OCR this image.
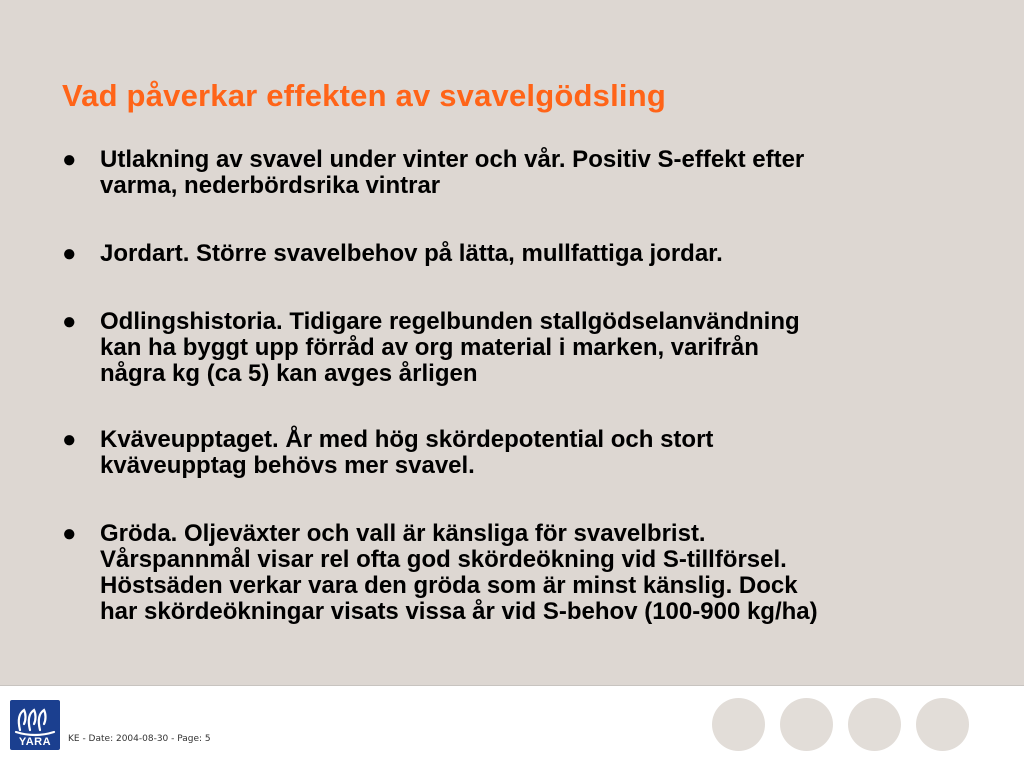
Vad påverkar effekten av svavelgödsling
● Utlakning av svavel under vinter och vår. Positiv S-effekt efter
varma, nederbördsrika vintrar
● Jordart. Större svavelbehov på lätta, mullfattiga jordar.
● Odlingshistoria. Tidigare regelbunden stallgödselanvändning
kan ha byggt upp förråd av org material i marken, varifrån
några kg (ca 5) kan avges årligen
● Kväveupptaget. År med hög skördepotential och stort
kväveupptag behövs mer svavel.
● Gröda. Oljeväxter och vall är känsliga för svavelbrist.
Vårspannmål visar rel ofta god skördeökning vid S-tillförsel.
Höstsäden verkar vara den gröda som är minst känslig. Dock
har skördeökningar visats vissa år vid S-behov (100-900 kg/ha)
YARA	KE - Date: 2004-08-30 - Page: 5
